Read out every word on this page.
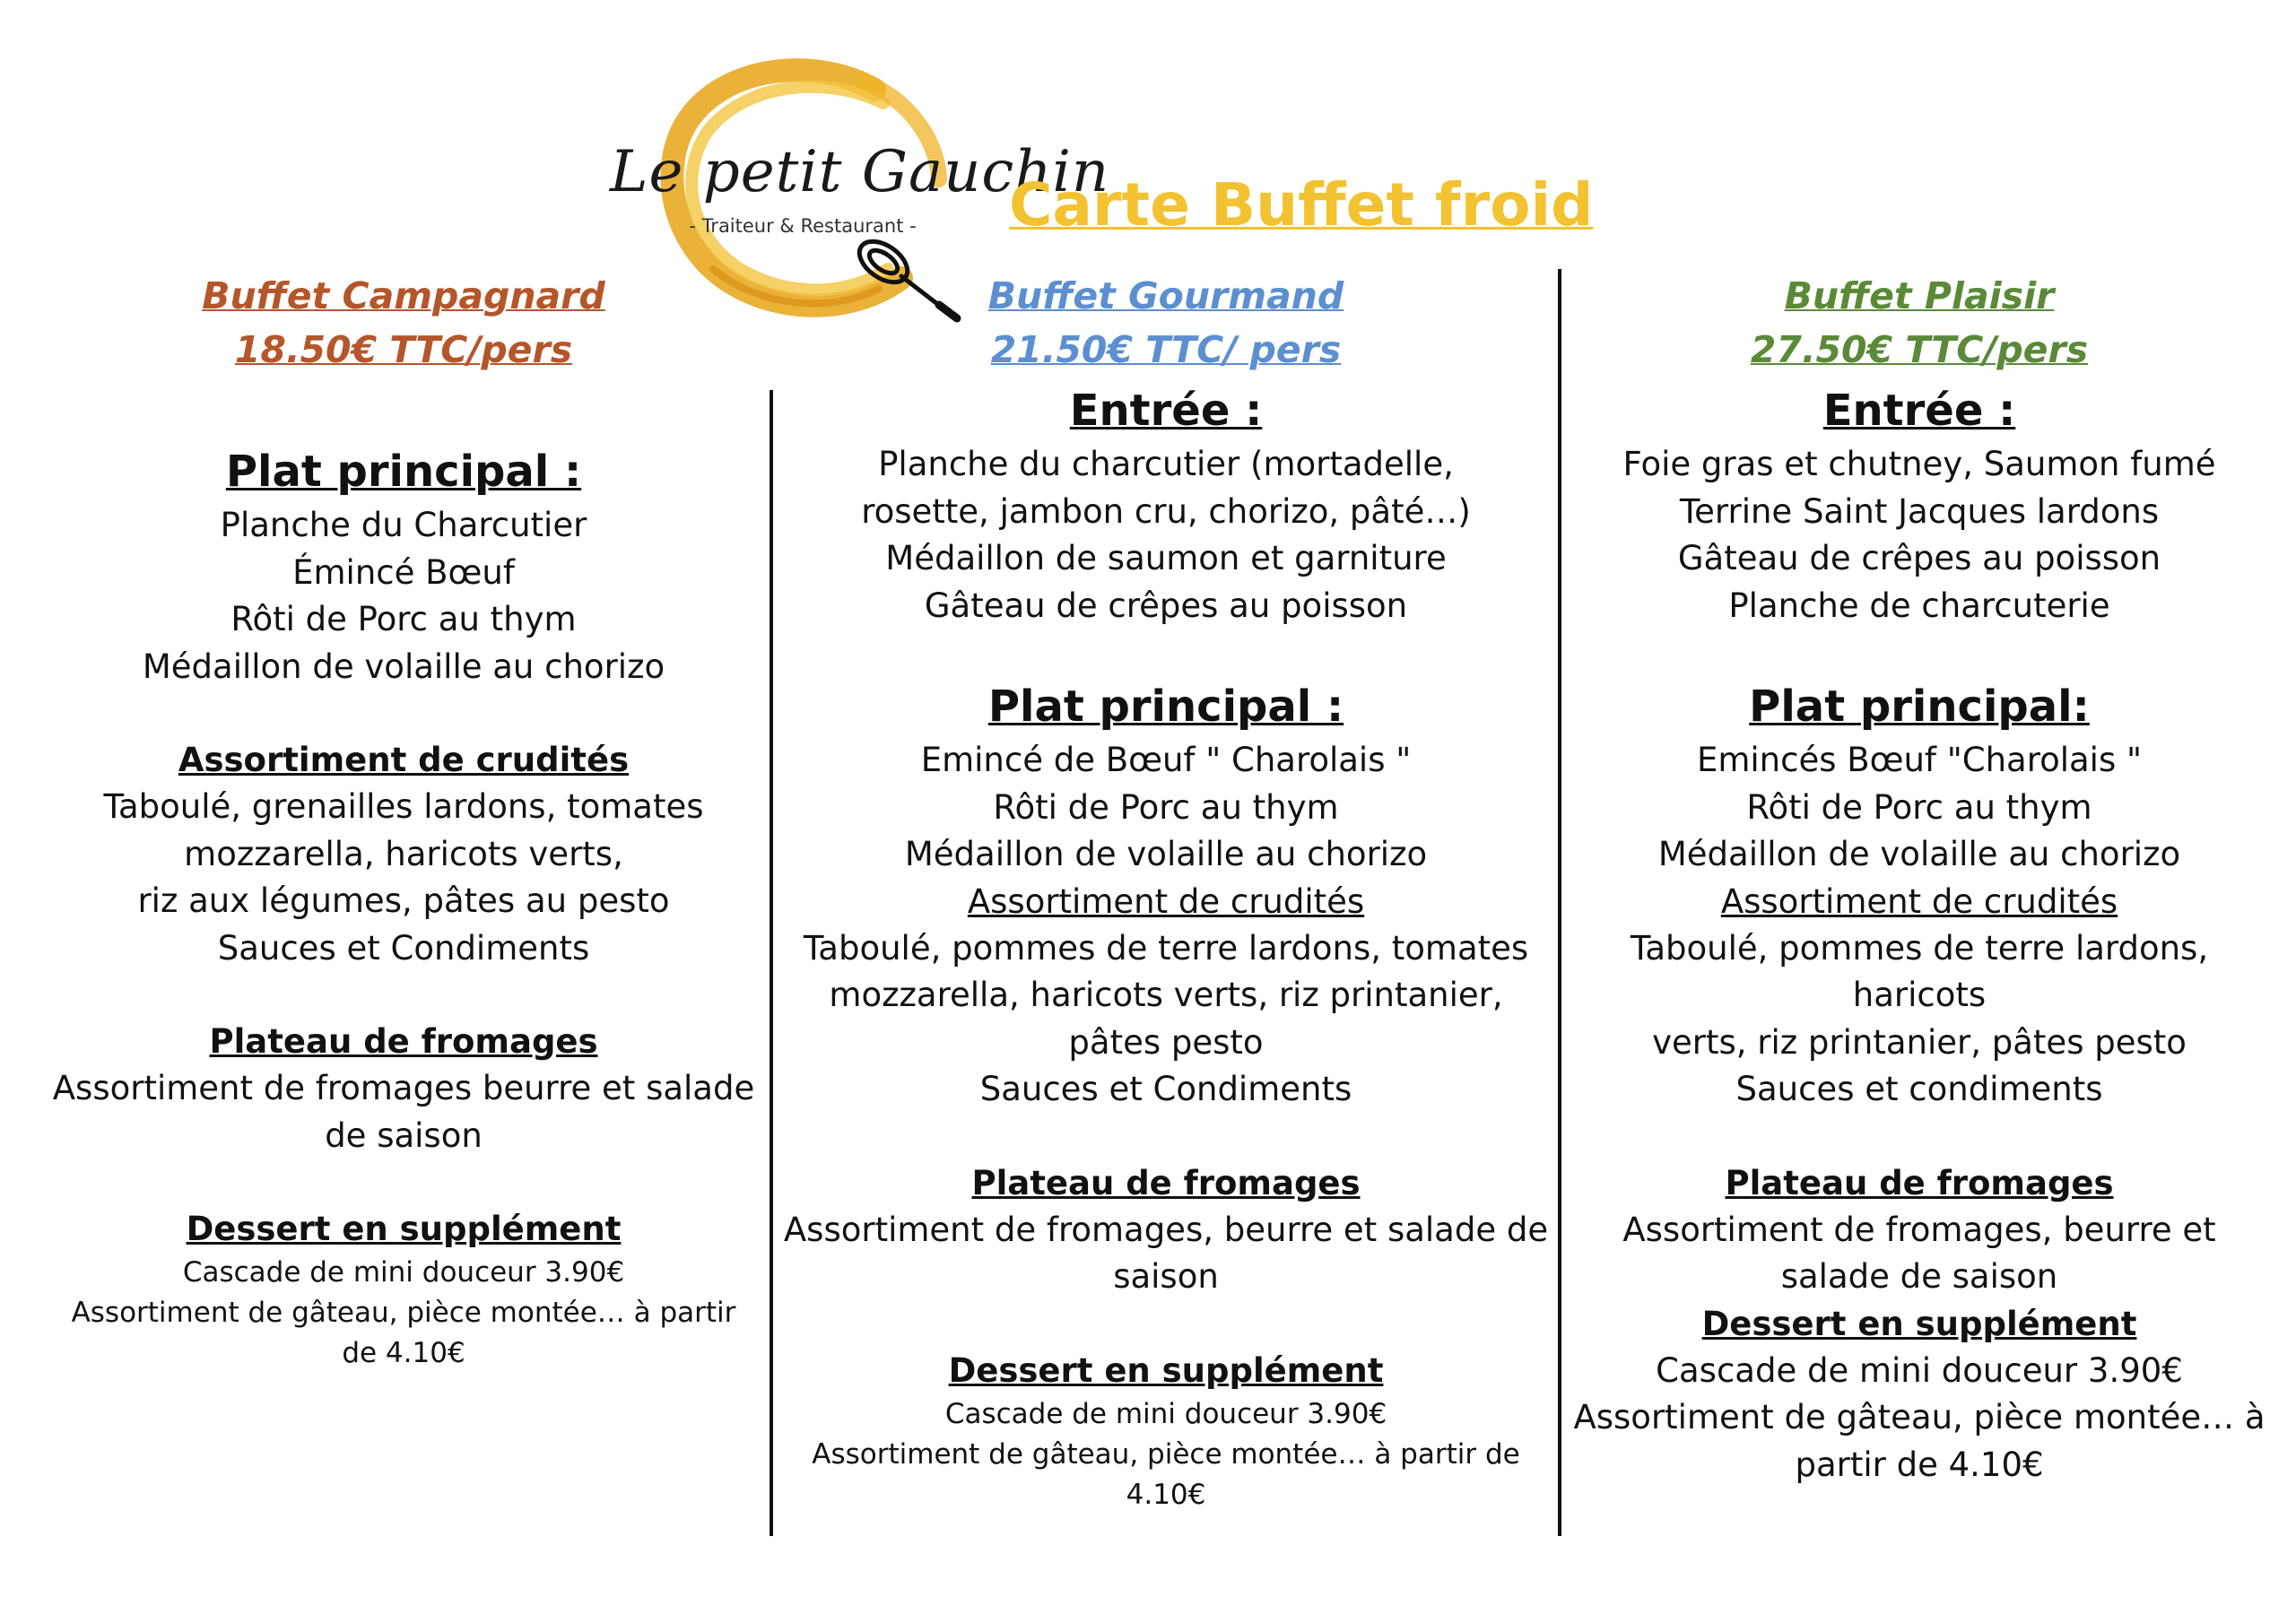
Le petit Gauchin
- Traiteur & Restaurant - Carte Buffet froid
Buffet Campagnard
18.50€ TTC/pers
Plat principal :
Planche du Charcutier
Émincé Bœuf
Rôti de Porc au thym
Médaillon de volaille au chorizo
Assortiment de crudités
Taboulé, grenailles lardons, tomates
mozzarella, haricots verts,
riz aux légumes, pâtes au pesto
Sauces et Condiments
Plateau de fromages
Assortiment de fromages beurre et salade
de saison
Dessert en supplément
Cascade de mini douceur 3.90€
Assortiment de gâteau, pièce montée… à partir
de 4.10€
Buffet Gourmand
21.50€ TTC/ pers
Entrée :
Planche du charcutier (mortadelle,
rosette, jambon cru, chorizo, pâté…)
Médaillon de saumon et garniture
Gâteau de crêpes au poisson
Plat principal :
Emincé de Bœuf " Charolais "
Rôti de Porc au thym
Médaillon de volaille au chorizo
Assortiment de crudités
Taboulé, pommes de terre lardons, tomates
mozzarella, haricots verts, riz printanier,
pâtes pesto
Sauces et Condiments
Plateau de fromages
Assortiment de fromages, beurre et salade de
saison
Dessert en supplément
Cascade de mini douceur 3.90€
Assortiment de gâteau, pièce montée… à partir de
4.10€
Buffet Plaisir
27.50€ TTC/pers
Entrée :
Foie gras et chutney, Saumon fumé
Terrine Saint Jacques lardons
Gâteau de crêpes au poisson
Planche de charcuterie
Plat principal:
Emincés Bœuf "Charolais "
Rôti de Porc au thym
Médaillon de volaille au chorizo
Assortiment de crudités
Taboulé, pommes de terre lardons,
haricots
verts, riz printanier, pâtes pesto
Sauces et condiments
Plateau de fromages
Assortiment de fromages, beurre et
salade de saison
Dessert en supplément
Cascade de mini douceur 3.90€
Assortiment de gâteau, pièce montée… à
partir de 4.10€
